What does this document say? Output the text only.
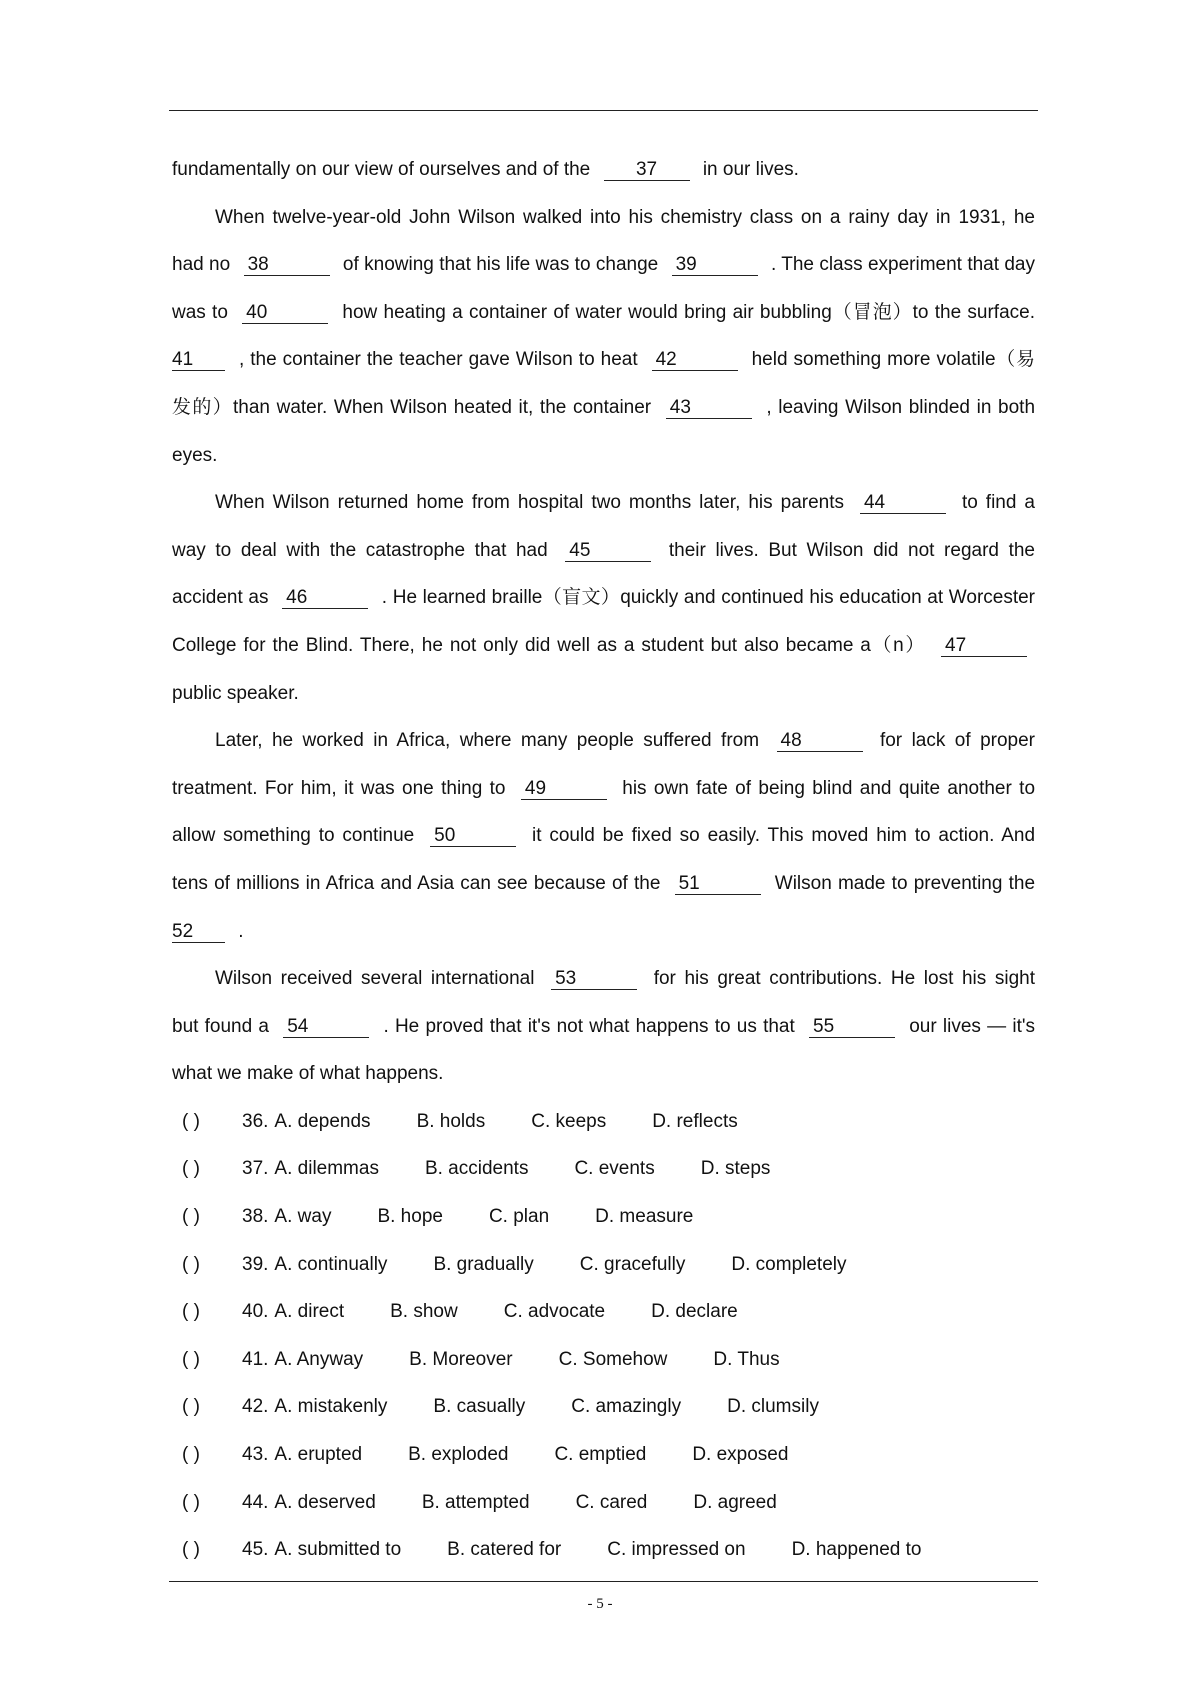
fundamentally on our view of ourselves and of the 37 in our lives.
When twelve-year-old John Wilson walked into his chemistry class on a rainy day in 1931, he
had no 38	of knowing that his life was to change 39	. The class experiment that day
was to 40	how heating a container of water would bring air bubbling（冒泡）to the surface.
41 , the container the teacher gave Wilson to heat 42	held something more volatile（易
发的）than water. When Wilson heated it, the container 43	, leaving Wilson blinded in both
eyes.
When Wilson returned home from hospital two months later, his parents 44	to find a
way to deal with the catastrophe that had 45	their lives. But Wilson did not regard the
accident as 46	. He learned braille（盲文）quickly and continued his education at Worcester
College for the Blind. There, he not only did well as a student but also became a（n） 47
public speaker.
Later, he worked in Africa, where many people suffered from 48	for lack of proper
treatment. For him, it was one thing to 49	his own fate of being blind and quite another to
allow something to continue 50	it could be fixed so easily. This moved him to action. And
tens of millions in Africa and Asia can see because of the 51	Wilson made to preventing the
52 .
Wilson received several international 53	for his great contributions. He lost his sight
but found a 54	. He proved that it's not what happens to us that 55	our lives — it's
what we make of what happens.
( ) 36. A. depends B. holds C. keeps D. reflects
( ) 37. A. dilemmas B. accidents C. events D. steps
( ) 38. A. way B. hope C. plan D. measure
( ) 39. A. continually B. gradually C. gracefully D. completely
( ) 40. A. direct B. show C. advocate D. declare
( ) 41. A. Anyway B. Moreover C. Somehow D. Thus
( ) 42. A. mistakenly B. casually C. amazingly D. clumsily
( ) 43. A. erupted B. exploded C. emptied D. exposed
( ) 44. A. deserved B. attempted C. cared D. agreed
( ) 45. A. submitted to B. catered for C. impressed on D. happened to
- 5 -
